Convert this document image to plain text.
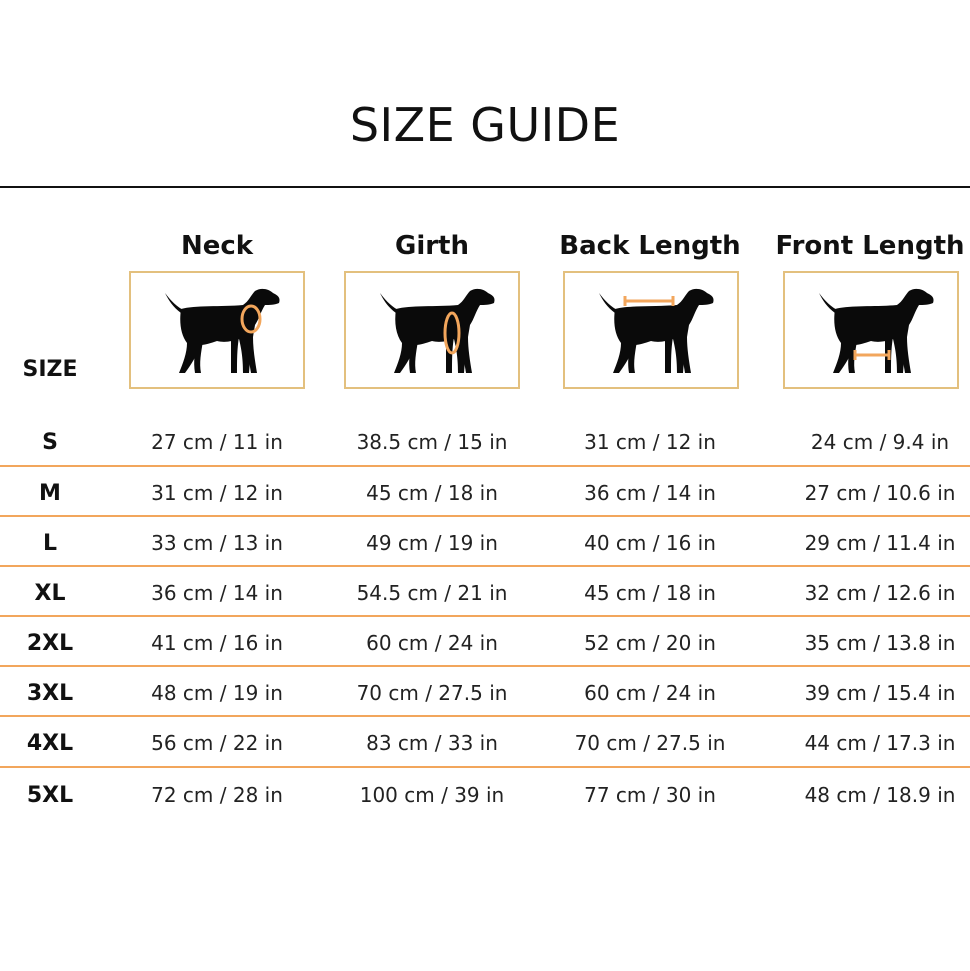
SIZE GUIDE
Neck	Girth	Back Length	Front Length
SIZE
S	27 cm / 11 in	38.5 cm / 15 in	31 cm / 12 in	24 cm / 9.4 in
M	31 cm / 12 in	45 cm / 18 in	36 cm / 14 in	27 cm / 10.6 in
L	33 cm / 13 in	49 cm / 19 in	40 cm / 16 in	29 cm / 11.4 in
XL	36 cm / 14 in	54.5 cm / 21 in	45 cm / 18 in	32 cm / 12.6 in
2XL	41 cm / 16 in	60 cm / 24 in	52 cm / 20 in	35 cm / 13.8 in
3XL	48 cm / 19 in	70 cm / 27.5 in	60 cm / 24 in	39 cm / 15.4 in
4XL	56 cm / 22 in	83 cm / 33 in	70 cm / 27.5 in	44 cm / 17.3 in
5XL	72 cm / 28 in	100 cm / 39 in	77 cm / 30 in	48 cm / 18.9 in
